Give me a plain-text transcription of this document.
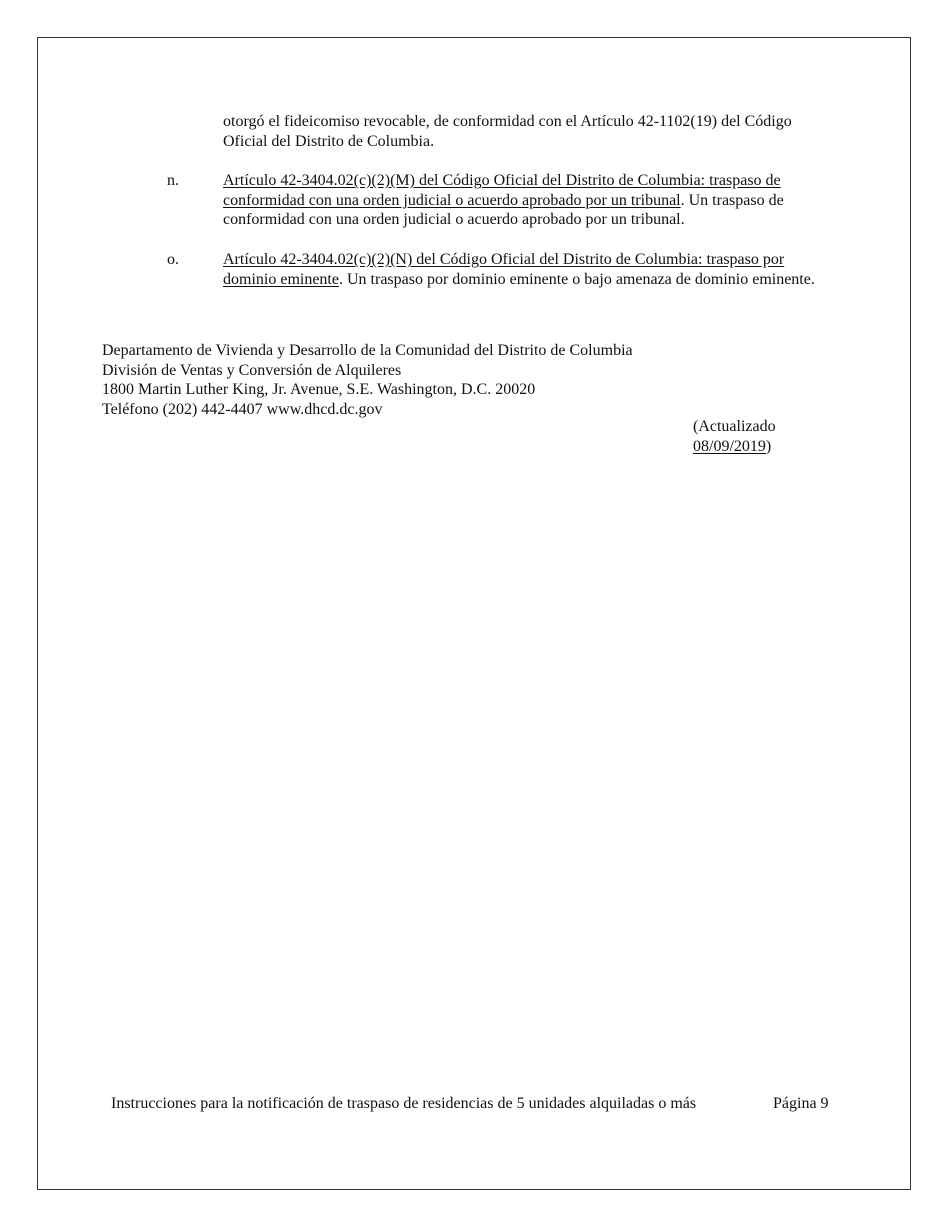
otorgó el fideicomiso revocable, de conformidad con el Artículo 42-1102(19) del Código Oficial del Distrito de Columbia.

n.	Artículo 42-3404.02(c)(2)(M) del Código Oficial del Distrito de Columbia: traspaso de conformidad con una orden judicial o acuerdo aprobado por un tribunal. Un traspaso de conformidad con una orden judicial o acuerdo aprobado por un tribunal.

o.	Artículo 42-3404.02(c)(2)(N) del Código Oficial del Distrito de Columbia: traspaso por dominio eminente. Un traspaso por dominio eminente o bajo amenaza de dominio eminente.

Departamento de Vivienda y Desarrollo de la Comunidad del Distrito de Columbia
División de Ventas y Conversión de Alquileres
1800 Martin Luther King, Jr. Avenue, S.E. Washington, D.C. 20020
Teléfono (202) 442-4407 www.dhcd.dc.gov
(Actualizado
08/09/2019)
Instrucciones para la notificación de traspaso de residencias de 5 unidades alquiladas o más	Página 9
